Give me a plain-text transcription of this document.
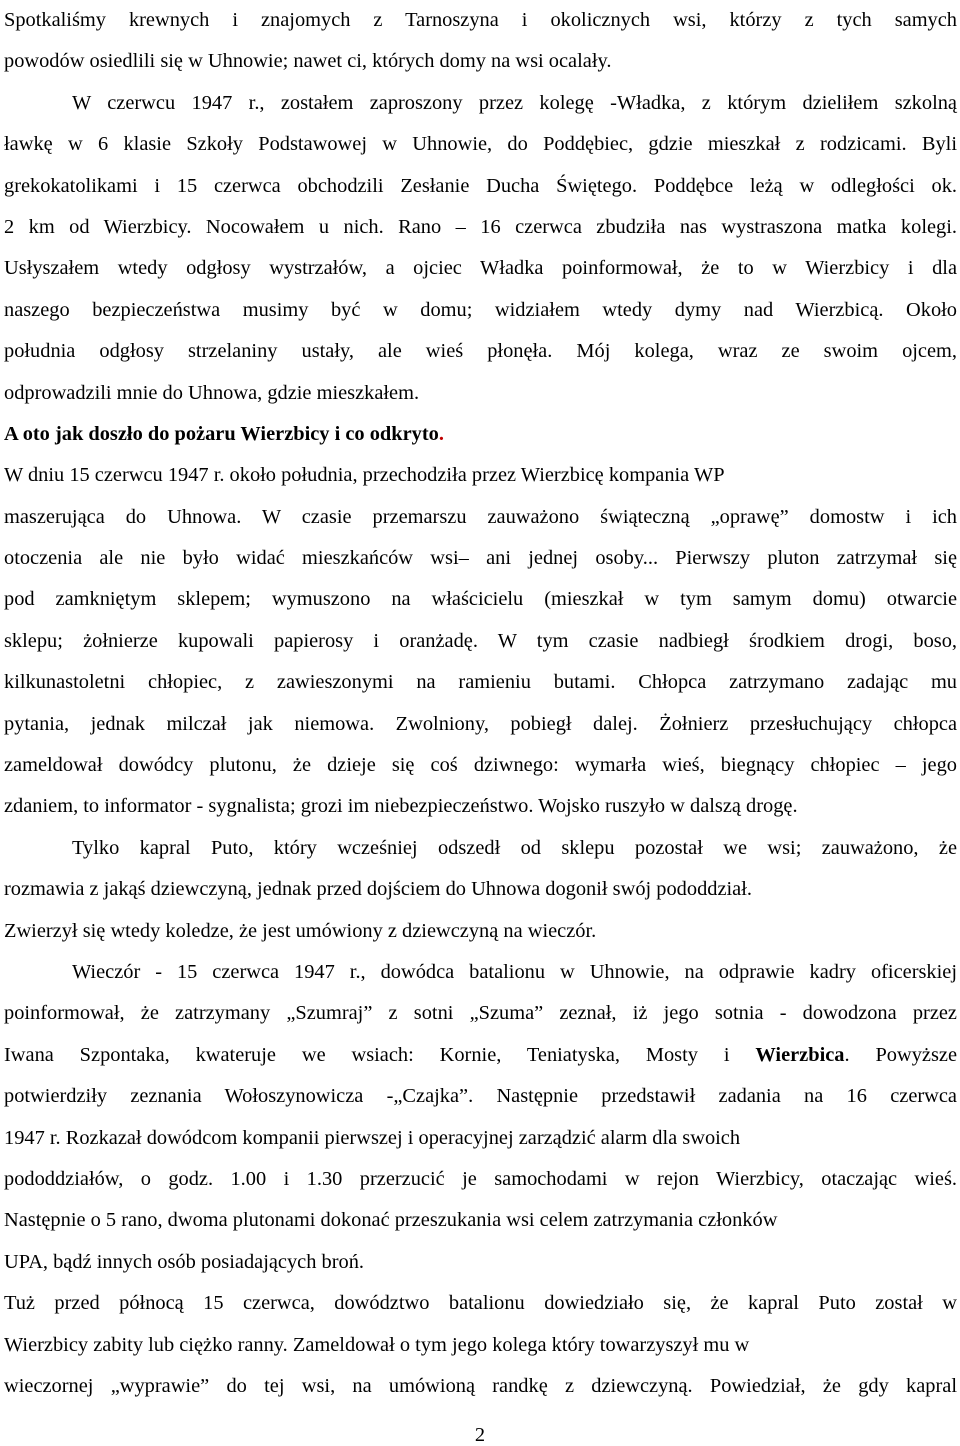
Spotkaliśmy krewnych i znajomych z Tarnoszyna i okolicznych wsi, którzy z tych samych
powodów osiedlili się w Uhnowie; nawet ci, których domy na wsi ocalały.
W czerwcu 1947 r., zostałem zaproszony przez kolegę -Władka, z którym dzieliłem szkolną
ławkę w 6 klasie Szkoły Podstawowej w Uhnowie, do Poddębiec, gdzie mieszkał z rodzicami. Byli
grekokatolikami i 15 czerwca obchodzili Zesłanie Ducha Świętego. Poddębce leżą w odległości ok.
2 km od Wierzbicy. Nocowałem u nich. Rano – 16 czerwca zbudziła nas wystraszona matka kolegi.
Usłyszałem wtedy odgłosy wystrzałów, a ojciec Władka poinformował, że to w Wierzbicy i dla
naszego bezpieczeństwa musimy być w domu; widziałem wtedy dymy nad Wierzbicą. Około
południa odgłosy strzelaniny ustały, ale wieś płonęła. Mój kolega, wraz ze swoim ojcem,
odprowadzili mnie do Uhnowa, gdzie mieszkałem.
A oto jak doszło do pożaru Wierzbicy i co odkryto.
W dniu 15 czerwcu 1947 r. około południa, przechodziła przez Wierzbicę kompania WP
maszerująca do Uhnowa. W czasie przemarszu zauważono świąteczną „oprawę” domostw i ich
otoczenia ale nie było widać mieszkańców wsi– ani jednej osoby... Pierwszy pluton zatrzymał się
pod zamkniętym sklepem; wymuszono na właścicielu (mieszkał w tym samym domu) otwarcie
sklepu; żołnierze kupowali papierosy i oranżadę. W tym czasie nadbiegł środkiem drogi, boso,
kilkunastoletni chłopiec, z zawieszonymi na ramieniu butami. Chłopca zatrzymano zadając mu
pytania, jednak milczał jak niemowa. Zwolniony, pobiegł dalej. Żołnierz przesłuchujący chłopca
zameldował dowódcy plutonu, że dzieje się coś dziwnego: wymarła wieś, biegnący chłopiec – jego
zdaniem, to informator - sygnalista; grozi im niebezpieczeństwo. Wojsko ruszyło w dalszą drogę.
Tylko kapral Puto, który wcześniej odszedł od sklepu pozostał we wsi; zauważono, że
rozmawia z jakąś dziewczyną, jednak przed dojściem do Uhnowa dogonił swój pododdział.
Zwierzył się wtedy koledze, że jest umówiony z dziewczyną na wieczór.
Wieczór - 15 czerwca 1947 r., dowódca batalionu w Uhnowie, na odprawie kadry oficerskiej
poinformował, że zatrzymany „Szumraj” z sotni „Szuma” zeznał, iż jego sotnia - dowodzona przez
Iwana Szpontaka, kwateruje we wsiach: Kornie, Teniatyska, Mosty i Wierzbica. Powyższe
potwierdziły zeznania Wołoszynowicza -„Czajka”. Następnie przedstawił zadania na 16 czerwca
1947 r. Rozkazał dowódcom kompanii pierwszej i operacyjnej zarządzić alarm dla swoich
pododdziałów, o godz. 1.00 i 1.30 przerzucić je samochodami w rejon Wierzbicy, otaczając wieś.
Następnie o 5 rano, dwoma plutonami dokonać przeszukania wsi celem zatrzymania członków
UPA, bądź innych osób posiadających broń.
Tuż przed północą 15 czerwca, dowództwo batalionu dowiedziało się, że kapral Puto został w
Wierzbicy zabity lub ciężko ranny. Zameldował o tym jego kolega który towarzyszył mu w
wieczornej „wyprawie” do tej wsi, na umówioną randkę z dziewczyną. Powiedział, że gdy kapral
2
